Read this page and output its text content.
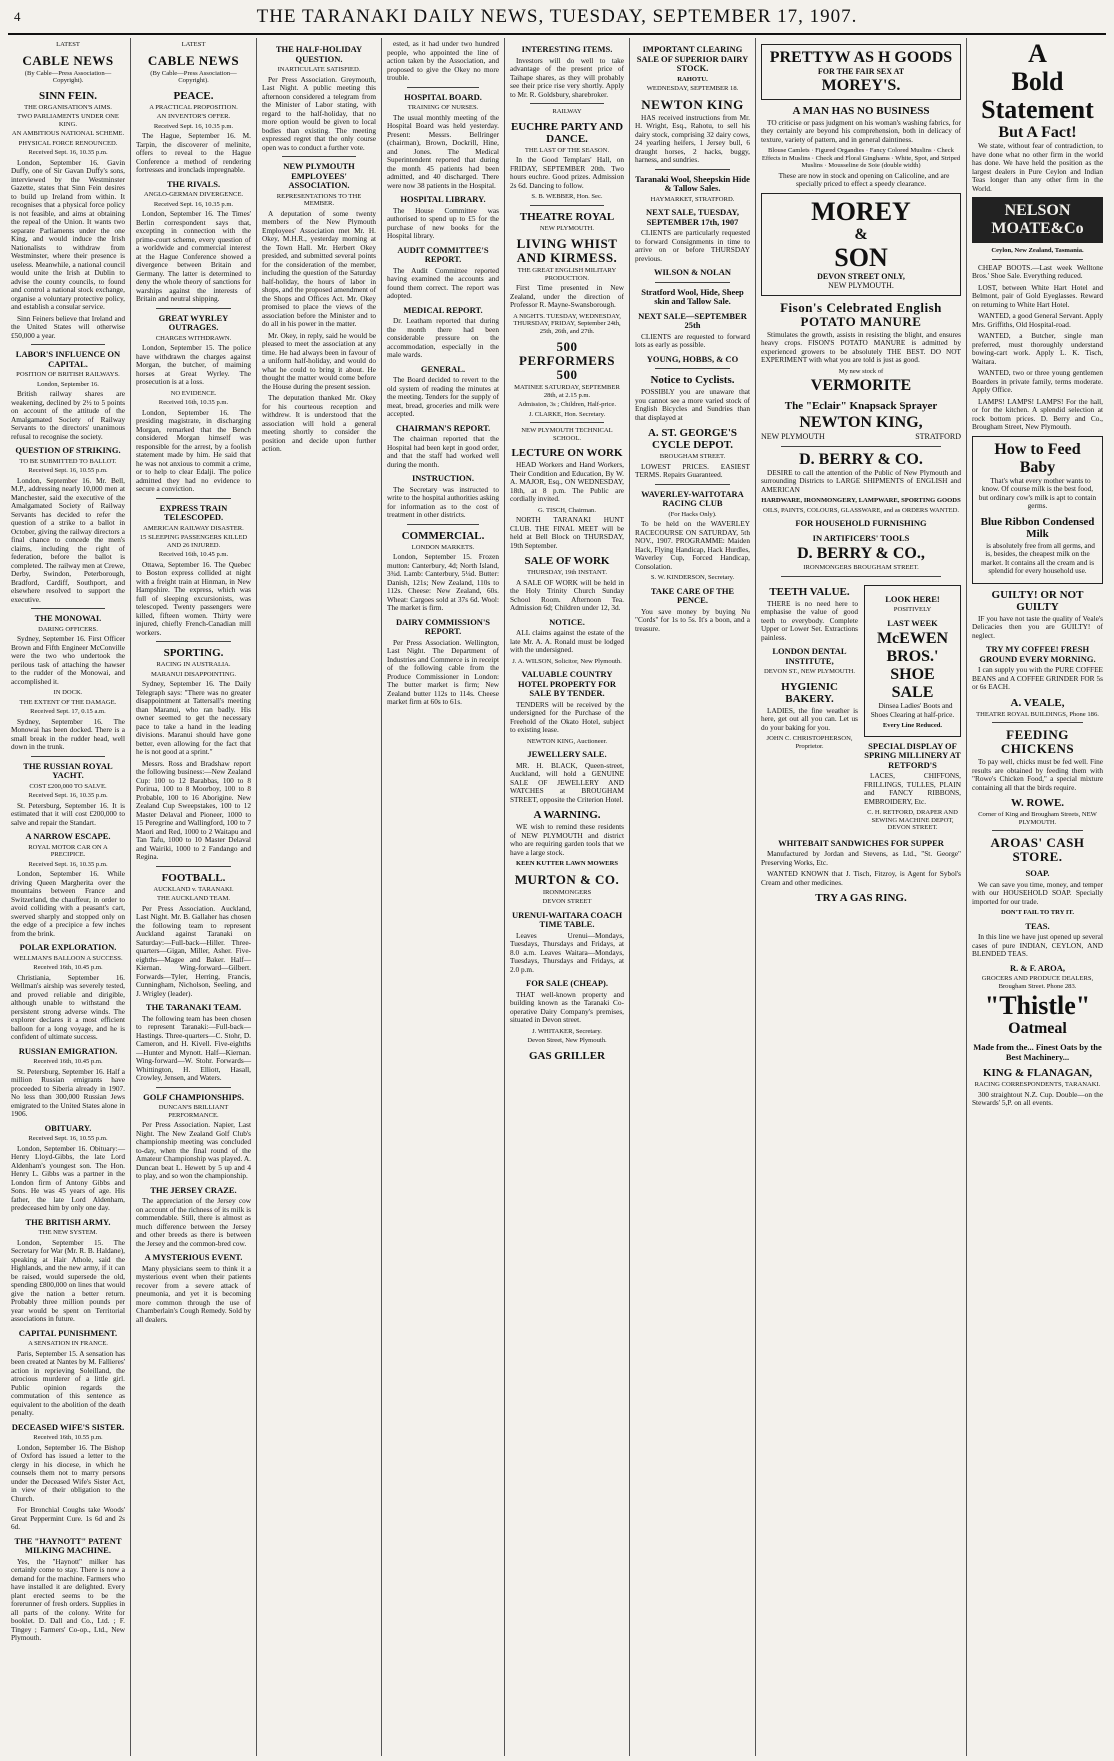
4	THE TARANAKI DAILY NEWS, TUESDAY, SEPTEMBER 17, 1907.
LATEST
CABLE NEWS
(By Cable—Press Association—Copyright).
SINN FEIN.
THE ORGANISATION'S AIMS.
TWO PARLIAMENTS UNDER ONE KING.
AN AMBITIOUS NATIONAL SCHEME.
PHYSICAL FORCE RENOUNCED.
Received Sept. 16, 10.35 p.m.

London, September 16. Gavin Duffy, one of Sir Gavan Duffy's sons, interviewed by the Westminster Gazette, states that Sinn Fein desires to build up Ireland from within. It recognises that a physical force policy is not feasible, and aims at obtaining the repeal of the Union. It wants two separate Parliaments under the one King, and would induce the Irish Nationalists to withdraw from Westminster, where their presence is useless. Meanwhile, a national council would unite the Irish at Dublin to advise the county councils, to found and control a national stock exchange, organise a voluntary protective policy, and establish a consular service.

Sinn Feiners believe that Ireland and the United States will otherwise £50,000 a year.

LABOR'S INFLUENCE ON CAPITAL.
POSITION OF BRITISH RAILWAYS.
London, September 16.

British railway shares are weakening, declined by 2½ to 5 points on account of the attitude of the Amalgamated Society of Railway Servants to the directors' unanimous refusal to recognise the society.

QUESTION OF STRIKING.
TO BE SUBMITTED TO BALLOT.
Received Sept. 16, 10.55 p.m.

London, September 16. Mr. Bell, M.P., addressing nearly 10,000 men at Manchester, said the executive of the Amalgamated Society of Railway Servants has decided to refer the question of a strike to a ballot in October, giving the railway directors a final chance to concede the men's claims, including the right of federation, before the ballot is completed. The railway men at Crewe, Derby, Swindon, Peterborough, Bradford, Cardiff, Southport, and elsewhere resolved to support the executive.

THE MONOWAI.
DARING OFFICERS.

Sydney, September 16. First Officer Brown and Fifth Engineer McConville were the two who undertook the perilous task of attaching the hawser to the rudder of the Monowai, and accomplished it.

IN DOCK.
THE EXTENT OF THE DAMAGE.
Received Sept. 17, 0.15 a.m.

Sydney, September 16. The Monowai has been docked. There is a small break in the rudder head, well down in the trunk.

THE RUSSIAN ROYAL YACHT.
COST £200,000 TO SALVE.
Received Sept. 16, 10.35 p.m.

St. Petersburg, September 16. It is estimated that it will cost £200,000 to salve and repair the Standart.

A NARROW ESCAPE.
ROYAL MOTOR CAR ON A PRECIPICE.
Received Sept. 16, 10.35 p.m.

London, September 16. While driving Queen Margherita over the mountains between France and Switzerland, the chauffeur, in order to avoid colliding with a peasant's cart, swerved sharply and stopped only on the edge of a precipice a few inches from the brink.

POLAR EXPLORATION.
WELLMAN'S BALLOON A SUCCESS.
Received 16th, 10.45 p.m.

Christiania, September 16. Wellman's airship was severely tested, and proved reliable and dirigible, although unable to withstand the persistent strong adverse winds. The explorer declares it a most efficient balloon for a long voyage, and he is confident of ultimate success.

RUSSIAN EMIGRATION.
Received 16th, 10.45 p.m.

St. Petersburg, September 16. Half a million Russian emigrants have proceeded to Siberia already in 1907. No less than 300,000 Russian Jews emigrated to the United States alone in 1906.

OBITUARY.
Received Sept. 16, 10.55 p.m.

London, September 16. Obituary:—Henry Lloyd-Gibbs, the late Lord Aldenham's youngest son. The Hon. Henry L. Gibbs was a partner in the London firm of Antony Gibbs and Sons. He was 45 years of age. His father, the late Lord Aldenham, predeceased him by only one day.

THE BRITISH ARMY.
THE NEW SYSTEM.

London, September 15. The Secretary for War (Mr. R. B. Haldane), speaking at Hair Athole, said the Highlands, and the new army, if it can be raised, would supersede the old, spending £800,000 on lines that would give the nation a better return. Probably three million pounds per year would be spent on Territorial associations in future.

CAPITAL PUNISHMENT.
A SENSATION IN FRANCE.

Paris, September 15. A sensation has been created at Nantes by M. Fallieres' action in reprieving Soleilland, the atrocious murderer of a little girl. Public opinion regards the commutation of this sentence as equivalent to the abolition of the death penalty.

DECEASED WIFE'S SISTER.
Received 16th, 10.55 p.m.

London, September 16. The Bishop of Oxford has issued a letter to the clergy in his diocese, in which he counsels them not to marry persons under the Deceased Wife's Sister Act, in view of their obligation to the Church.

For Bronchial Coughs take Woods' Great Peppermint Cure. 1s 6d and 2s 6d.

THE "HAYNOTT" PATENT MILKING MACHINE.

Yes, the "Haynott" milker has certainly come to stay. There is now a demand for the machine. Farmers who have installed it are delighted. Every plant erected seems to be the forerunner of fresh orders. Supplies in all parts of the colony. Write for booklet. D. Dall and Co., Ltd. ; F. Tingey ; Farmers' Co-op., Ltd., New Plymouth.

LATEST
CABLE NEWS
(By Cable—Press Association—Copyright).
PEACE.
A PRACTICAL PROPOSITION.
AN INVENTOR'S OFFER.
Received Sept. 16, 10.35 p.m.

The Hague, September 16. M. Tarpin, the discoverer of melinite, offers to reveal to the Hague Conference a method of rendering fortresses and ironclads impregnable.

THE RIVALS.
ANGLO-GERMAN DIVERGENCE.
Received Sept. 16, 10.35 p.m.

London, September 16. The Times' Berlin correspondent says that, excepting in connection with the prime-court scheme, every question of a worldwide and commercial interest at the Hague Conference showed a divergence between Britain and Germany. The latter is determined to deny the whole theory of sanctions for warships against the interests of Britain and neutral shipping.

GREAT WYRLEY OUTRAGES.
CHARGES WITHDRAWN.

London, September 15. The police have withdrawn the charges against Morgan, the butcher, of maiming horses at Great Wyrley. The prosecution is at a loss.

NO EVIDENCE.
Received 16th, 10.35 p.m.

London, September 16. The presiding magistrate, in discharging Morgan, remarked that the Bench considered Morgan himself was responsible for the arrest, by a foolish statement made by him. He said that he was not anxious to commit a crime, or to help to clear Edalji. The police admitted they had no evidence to secure a conviction.

EXPRESS TRAIN TELESCOPED.
AMERICAN RAILWAY DISASTER.
15 SLEEPING PASSENGERS KILLED AND 26 INJURED.
Received 16th, 10.45 p.m.

Ottawa, September 16. The Quebec to Boston express collided at night with a freight train at Hinman, in New Hampshire. The express, which was full of sleeping excursionists, was telescoped. Twenty passengers were killed, fifteen women. Thirty were injured, chiefly French-Canadian mill workers.

SPORTING.
RACING IN AUSTRALIA.
MARANUI DISAPPOINTING.

Sydney, September 16. The Daily Telegraph says: "There was no greater disappointment at Tattersall's meeting than Maranui, who ran badly. His owner seemed to get the necessary pace to take a hand in the leading divisions. Maranui should have gone better, even allowing for the fact that he is not good at a sprint."

Messrs. Ross and Bradshaw report the following business:—New Zealand Cup: 100 to 12 Barabbas, 100 to 8 Porirua, 100 to 8 Moorboy, 100 to 8 Probable, 100 to 16 Aborigine. New Zealand Cup Sweepstakes, 100 to 12 Master Delaval and Pioneer, 1000 to 15 Peregrine and Wallingford, 100 to 7 Maori and Red, 1000 to 2 Waitapu and Tan Tafu, 1000 to 10 Master Delaval and Wairiki, 1000 to 2 Fandango and Regina.

FOOTBALL.
AUCKLAND v. TARANAKI.
THE AUCKLAND TEAM.

Per Press Association. Auckland, Last Night. Mr. B. Gallaher has chosen the following team to represent Auckland against Taranaki on Saturday:—Full-back—Hiller. Three-quarters—Gigan, Miller, Asher. Five-eighths—Magee and Baker. Half—Kiernan. Wing-forward—Gilbert. Forwards—Tyler, Herring, Francis, Cunningham, Nicholson, Seeling, and J. Wrigley (leader).

THE TARANAKI TEAM.

The following team has been chosen to represent Taranaki:—Full-back—Hastings. Three-quarters—C. Stohr, D. Cameron, and H. Kivell. Five-eighths—Hunter and Mynott. Half—Kiernan. Wing-forward—W. Stohr. Forwards—Whittington, H. Elliott, Hasall, Crowley, Jensen, and Waters.

GOLF CHAMPIONSHIPS.
DUNCAN'S BRILLIANT PERFORMANCE.

Per Press Association. Napier, Last Night. The New Zealand Golf Club's championship meeting was concluded to-day, when the final round of the Amateur Championship was played. A. Duncan beat L. Hewett by 5 up and 4 to play, and so won the championship.

THE JERSEY CRAZE.

The appreciation of the Jersey cow on account of the richness of its milk is commendable. Still, there is almost as much difference between the Jersey and other breeds as there is between the Jersey and the common-bred cow.

A MYSTERIOUS EVENT.

Many physicians seem to think it a mysterious event when their patients recover from a severe attack of pneumonia, and yet it is becoming more common through the use of Chamberlain's Cough Remedy. Sold by all dealers.

THE HALF-HOLIDAY QUESTION.
INARTICULATE SATISFIED.

Per Press Association. Greymouth, Last Night. A public meeting this afternoon considered a telegram from the Minister of Labor stating, with regard to the half-holiday, that no more option would be given to local bodies than existing. The meeting expressed regret that the only course open was to conduct a further vote.

NEW PLYMOUTH EMPLOYEES' ASSOCIATION.
REPRESENTATIONS TO THE MEMBER.

A deputation of some twenty members of the New Plymouth Employees' Association met Mr. H. Okey, M.H.R., yesterday morning at the Town Hall. Mr. Herbert Okey presided, and submitted several points for the consideration of the member, including the question of the Saturday half-holiday, the hours of labor in shops, and the proposed amendment of the Shops and Offices Act. Mr. Okey promised to place the views of the association before the Minister and to do all in his power in the matter.

Mr. Okey, in reply, said he would be pleased to meet the association at any time. He had always been in favour of a uniform half-holiday, and would do what he could to bring it about. He thought the matter would come before the House during the present session.

The deputation thanked Mr. Okey for his courteous reception and withdrew. It is understood that the association will hold a general meeting shortly to consider the position and decide upon further action.

ested, as it had under two hundred people, who appointed the line of action taken by the Association, and proposed to give the Okey no more trouble.

HOSPITAL BOARD.
TRAINING OF NURSES.

The usual monthly meeting of the Hospital Board was held yesterday. Present: Messrs. Bellringer (chairman), Brown, Dockrill, Hine, and Jones. The Medical Superintendent reported that during the month 45 patients had been admitted, and 40 discharged. There were now 38 patients in the Hospital.

HOSPITAL LIBRARY.

The House Committee was authorised to spend up to £5 for the purchase of new books for the Hospital library.

AUDIT COMMITTEE'S REPORT.

The Audit Committee reported having examined the accounts and found them correct. The report was adopted.

MEDICAL REPORT.

Dr. Leatham reported that during the month there had been considerable pressure on the accommodation, especially in the male wards.

GENERAL.

The Board decided to revert to the old system of reading the minutes at the meeting. Tenders for the supply of meat, bread, groceries and milk were accepted.

CHAIRMAN'S REPORT.

The chairman reported that the Hospital had been kept in good order, and that the staff had worked well during the month.

INSTRUCTION.

The Secretary was instructed to write to the hospital authorities asking for information as to the cost of treatment in other districts.

COMMERCIAL.
LONDON MARKETS.

London, September 15. Frozen mutton: Canterbury, 4d; North Island, 3¾d. Lamb: Canterbury, 5¼d. Butter: Danish, 121s; New Zealand, 110s to 112s. Cheese: New Zealand, 60s. Wheat: Cargoes sold at 37s 6d. Wool: The market is firm.

DAIRY COMMISSION'S REPORT.

Per Press Association. Wellington, Last Night. The Department of Industries and Commerce is in receipt of the following cable from the Produce Commissioner in London: The butter market is firm; New Zealand butter 112s to 114s. Cheese market firm at 60s to 61s.

INTERESTING ITEMS.

Investors will do well to take advantage of the present price of Taihape shares, as they will probably see their price rise very shortly. Apply to Mr. R. Goldsbury, sharebroker.

RAILWAY
EUCHRE PARTY AND DANCE.
THE LAST OF THE SEASON.

In the Good Templars' Hall, on FRIDAY, SEPTEMBER 20th. Two hours euchre. Good prizes. Admission 2s 6d. Dancing to follow.

S. B. WEBBER, Hon. Sec.
THEATRE ROYAL
NEW PLYMOUTH.
LIVING WHIST AND KIRMESS.
THE GREAT ENGLISH MILITARY PRODUCTION.

First Time presented in New Zealand, under the direction of Professor R. Mayne-Swansborough.

A NIGHTS. TUESDAY, WEDNESDAY, THURSDAY, FRIDAY, September 24th, 25th, 26th, and 27th.
500 PERFORMERS 500
MATINEE SATURDAY, SEPTEMBER 28th, at 2.15 p.m.
Admission, 3s ; Children, Half-price.
J. CLARKE, Hon. Secretary.
NEW PLYMOUTH TECHNICAL SCHOOL.
LECTURE ON WORK

HEAD Workers and Hand Workers, Their Condition and Education, By W. A. MAJOR, Esq., ON WEDNESDAY, 18th, at 8 p.m. The Public are cordially invited.

G. TISCH, Chairman.

NORTH TARANAKI HUNT CLUB. THE FINAL MEET will be held at Bell Block on THURSDAY, 19th September.

SALE OF WORK
THURSDAY, 19th INSTANT.

A SALE OF WORK will be held in the Holy Trinity Church Sunday School Room. Afternoon Tea. Admission 6d; Children under 12, 3d.

NOTICE.

ALL claims against the estate of the late Mr. A. A. Ronald must be lodged with the undersigned.

J. A. WILSON, Solicitor, New Plymouth.
VALUABLE COUNTRY HOTEL PROPERTY FOR SALE BY TENDER.

TENDERS will be received by the undersigned for the Purchase of the Freehold of the Okato Hotel, subject to existing lease.

NEWTON KING, Auctioneer.
JEWELLERY SALE.

MR. H. BLACK, Queen-street, Auckland, will hold a GENUINE SALE OF JEWELLERY AND WATCHES at BROUGHAM STREET, opposite the Criterion Hotel.

A WARNING.

WE wish to remind these residents of NEW PLYMOUTH and district who are requiring garden tools that we have a large stock.

KEEN KUTTER LAWN MOWERS
MURTON & CO.
IRONMONGERS
DEVON STREET
URENUI-WAITARA COACH TIME TABLE.

Leaves Urenui—Mondays, Tuesdays, Thursdays and Fridays, at 8.0 a.m. Leaves Waitara—Mondays, Tuesdays, Thursdays and Fridays, at 2.0 p.m.

FOR SALE (CHEAP).

THAT well-known property and building known as the Taranaki Co-operative Dairy Company's premises, situated in Devon street.

J. WHITAKER, Secretary.
Devon Street, New Plymouth.
GAS GRILLER
IMPORTANT CLEARING SALE OF SUPERIOR DAIRY STOCK.
RAHOTU.
WEDNESDAY, SEPTEMBER 18.
NEWTON KING

HAS received instructions from Mr. H. Wright, Esq., Rahotu, to sell his dairy stock, comprising 32 dairy cows, 24 yearling heifers, 1 Jersey bull, 6 draught horses, 2 hacks, buggy, harness, and sundries.

Taranaki Wool, Sheepskin Hide & Tallow Sales.
HAYMARKET, STRATFORD.
NEXT SALE, TUESDAY, SEPTEMBER 17th, 1907

CLIENTS are particularly requested to forward Consignments in time to arrive on or before THURSDAY previous.

WILSON & NOLAN
Stratford Wool, Hide, Sheep skin and Tallow Sale.
NEXT SALE—SEPTEMBER 25th

CLIENTS are requested to forward lots as early as possible.

YOUNG, HOBBS, & CO
Notice to Cyclists.

POSSIBLY you are unaware that you cannot see a more varied stock of English Bicycles and Sundries than that displayed at

A. ST. GEORGE'S CYCLE DEPOT.
BROUGHAM STREET.

LOWEST PRICES. EASIEST TERMS. Repairs Guaranteed.

WAVERLEY-WAITOTARA RACING CLUB
(For Hacks Only).

To be held on the WAVERLEY RACECOURSE ON SATURDAY, 5th NOV., 1907. PROGRAMME: Maiden Hack, Flying Handicap, Hack Hurdles, Waverley Cup, Forced Handicap, Consolation.

S. W. KINDERSON, Secretary.
TAKE CARE OF THE PENCE.

You save money by buying Nu "Cords" for 1s to 5s. It's a boon, and a treasure.

PRETTYW AS H GOODS
FOR THE FAIR SEX AT
MOREY'S.
A MAN HAS NO BUSINESS

TO criticise or pass judgment on his woman's washing fabrics, for they certainly are beyond his comprehension, both in delicacy of texture, variety of pattern, and in general daintiness.

Blouse Camlets · Figured Organdies · Fancy Colored Muslins · Check Effects in Muslins · Check and Floral Ginghams · White, Spot, and Striped Muslins · Mousseline de Soie (double width)

These are now in stock and opening on Calicoline, and are specially priced to effect a speedy clearance.

MOREY
&
SON
DEVON STREET ONLY,
NEW PLYMOUTH.
Fison's Celebrated English POTATO MANURE

Stimulates the growth, assists in resisting the blight, and ensures heavy crops. FISON'S POTATO MANURE is admitted by experienced growers to be absolutely THE BEST. DO NOT EXPERIMENT with what you are told is just as good.

My new stock of
VERMORITE
The "Eclair" Knapsack Sprayer
NEWTON KING,
NEW PLYMOUTH	STRATFORD
D. BERRY & CO.

DESIRE to call the attention of the Public of New Plymouth and surrounding Districts to LARGE SHIPMENTS of ENGLISH and AMERICAN

HARDWARE, IRONMONGERY, LAMPWARE, SPORTING GOODS
OILS, PAINTS, COLOURS, GLASSWARE, and as ORDERS WANTED.
FOR HOUSEHOLD FURNISHING
IN ARTIFICERS' TOOLS
D. BERRY & CO.,
IRONMONGERS BROUGHAM STREET.
TEETH VALUE.

THERE is no need here to emphasise the value of good teeth to everybody. Complete Upper or Lower Set. Extractions painless.

LONDON DENTAL INSTITUTE,
DEVON ST., NEW PLYMOUTH.
HYGIENIC BAKERY.

LADIES, the fine weather is here, get out all you can. Let us do your baking for you.

JOHN C. CHRISTOPHERSON, Proprietor.
LOOK HERE!
POSITIVELY
LAST WEEK
McEWEN BROS.'
SHOE SALE

Dinsea Ladies' Boots and Shoes Clearing at half-price.

Every Line Reduced.
SPECIAL DISPLAY OF SPRING MILLINERY AT RETFORD'S

LACES, CHIFFONS, FRILLINGS, TULLES, PLAIN and FANCY RIBBONS, EMBROIDERY, Etc.

C. H. RETFORD, DRAPER AND SEWING MACHINE DEPOT, DEVON STREET.
WHITEBAIT SANDWICHES FOR SUPPER

Manufactured by Jordan and Stevens, as Ltd., "St. George" Preserving Works, Etc.

WANTED KNOWN that J. Tisch, Fitzroy, is Agent for Sybol's Cream and other medicines.

TRY A GAS RING.
A
Bold
Statement
But A Fact!

We state, without fear of contradiction, to have done what no other firm in the world has done. We have held the position as the largest dealers in Pure Ceylon and Indian Teas longer than any other firm in the World.

NELSON MOATE&Co
Ceylon, New Zealand, Tasmania.

CHEAP BOOTS.—Last week Welltone Bros.' Shoe Sale. Everything reduced.

LOST, between White Hart Hotel and Belmont, pair of Gold Eyeglasses. Reward on returning to White Hart Hotel.

WANTED, a good General Servant. Apply Mrs. Griffiths, Old Hospital-road.

WANTED, a Butcher, single man preferred, must thoroughly understand bowing-cart work. Apply L. K. Tisch, Waitara.

WANTED, two or three young gentlemen Boarders in private family, terms moderate. Apply Office.

LAMPS! LAMPS! LAMPS! For the hall, or for the kitchen. A splendid selection at rock bottom prices. D. Berry and Co., Brougham Street, New Plymouth.

How to Feed Baby

That's what every mother wants to know. Of course milk is the best food, but ordinary cow's milk is apt to contain germs.

Blue Ribbon Condensed Milk

is absolutely free from all germs, and is, besides, the cheapest milk on the market. It contains all the cream and is splendid for every household use.

GUILTY! OR NOT GUILTY

IF you have not taste the quality of Veale's Delicacies then you are GUILTY! of neglect.

TRY MY COFFEE! FRESH GROUND EVERY MORNING.

I can supply you with the PURE COFFEE BEANS and A COFFEE GRINDER FOR 5s or 6s EACH.

A. VEALE,
THEATRE ROYAL BUILDINGS, Phone 186.
FEEDING CHICKENS

To pay well, chicks must be fed well. Fine results are obtained by feeding them with "Rowe's Chicken Food," a special mixture containing all that the birds require.

W. ROWE.
Corner of King and Brougham Streets, NEW PLYMOUTH.
AROAS' CASH STORE.
SOAP.

We can save you time, money, and temper with our HOUSEHOLD SOAP. Specially imported for our trade.

DON'T FAIL TO TRY IT.
TEAS.

In this line we have just opened up several cases of pure INDIAN, CEYLON, AND BLENDED TEAS.

R. & F. AROA,
GROCERS AND PRODUCE DEALERS, Brougham Street. Phone 283.
"Thistle"
Oatmeal
Made from the... Finest Oats by the Best Machinery...
KING & FLANAGAN,
RACING CORRESPONDENTS, TARANAKI.

300 straightout N.Z. Cup. Double—on the Stewards' 5,P. on all events.
